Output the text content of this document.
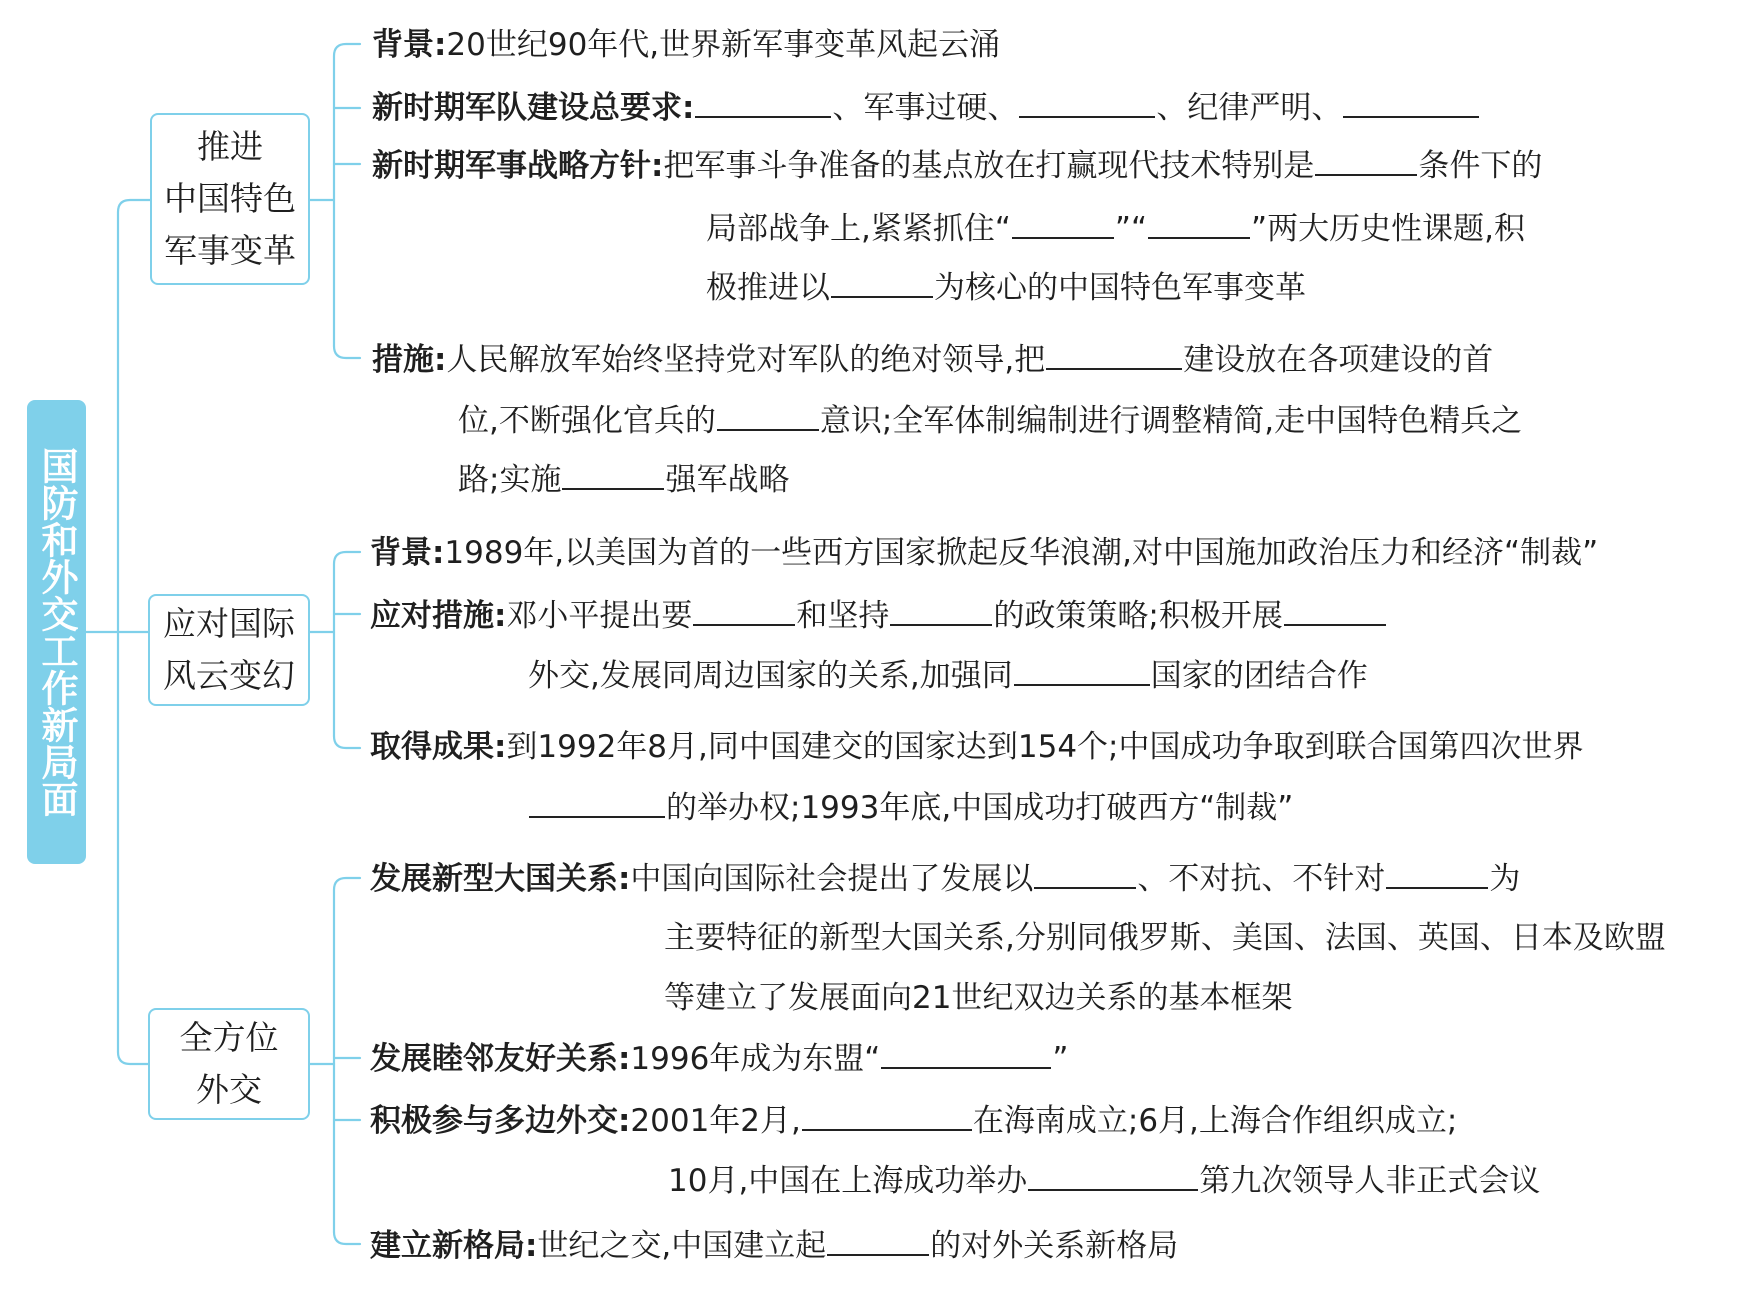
国防和外交工作新局面
推进
中国特色
军事变革
背景:20世纪90年代,世界新军事变革风起云涌
新时期军队建设总要求:	、军事过硬、	、纪律严明、
新时期军事战略方针:把军事斗争准备的基点放在打赢现代技术特别是	条件下的
局部战争上,紧紧抓住“	”“	”两大历史性课题,积
极推进以	为核心的中国特色军事变革
措施:人民解放军始终坚持党对军队的绝对领导,把	建设放在各项建设的首
位,不断强化官兵的	意识;全军体制编制进行调整精简,走中国特色精兵之
路;实施	强军战略
应对国际
风云变幻
背景:1989年,以美国为首的一些西方国家掀起反华浪潮,对中国施加政治压力和经济“制裁”
应对措施:邓小平提出要	和坚持	的政策策略;积极开展
外交,发展同周边国家的关系,加强同	国家的团结合作
取得成果:到1992年8月,同中国建交的国家达到154个;中国成功争取到联合国第四次世界
的举办权;1993年底,中国成功打破西方“制裁”
全方位
外交
发展新型大国关系:中国向国际社会提出了发展以	、不对抗、不针对	为
主要特征的新型大国关系,分别同俄罗斯、美国、法国、英国、日本及欧盟
等建立了发展面向21世纪双边关系的基本框架
发展睦邻友好关系:1996年成为东盟“	”
积极参与多边外交:2001年2月,	在海南成立;6月,上海合作组织成立;
10月,中国在上海成功举办	第九次领导人非正式会议
建立新格局:世纪之交,中国建立起	的对外关系新格局
